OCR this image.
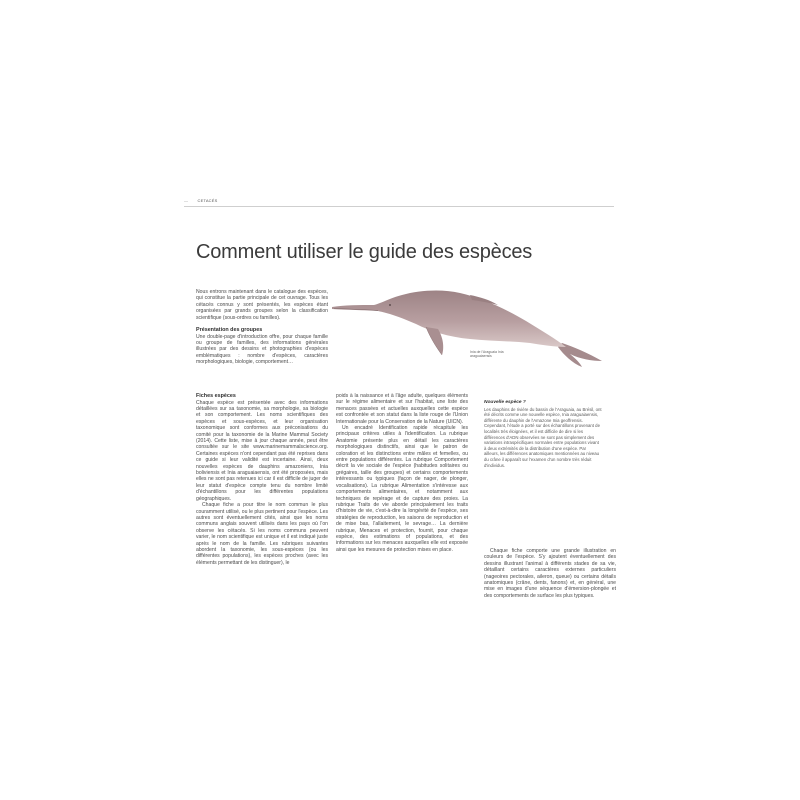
— CETACÉS
Comment utiliser le guide des espèces

Nous entrons maintenant dans le catalogue des espèces, qui constitue la partie principale de cet ouvrage. Tous les cétacés connus y sont présentés, les espèces étant organisées par grands groupes selon la classification scientifique (sous-ordres ou familles).

Présentation des groupes

Une double-page d'introduction offre, pour chaque famille ou groupe de familles, des informations générales illustrées par des dessins et photographies d'espèces emblématiques : nombre d'espèces, caractères morphologiques, biologie, comportement…

Fiches espèces

Chaque espèce est présentée avec des informations détaillées sur sa taxonomie, sa morphologie, sa biologie et son comportement. Les noms scientifiques des espèces et sous-espèces, et leur organisation taxonomique sont conformes aux préconisations du comité pour la taxonomie de la Marine Mammal Society (2014). Cette liste, mise à jour chaque année, peut être consultée sur le site www.marinemammalscience.org. Certaines espèces n'ont cependant pas été reprises dans ce guide si leur validité est incertaine. Ainsi, deux nouvelles espèces de dauphins amazoniens, Inia boliviensis et Inia araguaiaensis, ont été proposées, mais elles ne sont pas retenues ici car il est difficile de juger de leur statut d'espèce compte tenu du nombre limité d'échantillons pour les différentes populations géographiques.

Chaque fiche a pour titre le nom commun le plus couramment utilisé, ou le plus pertinent pour l'espèce. Les autres sont éventuellement cités, ainsi que les noms communs anglais souvent utilisés dans les pays où l'on observe les cétacés. Si les noms communs peuvent varier, le nom scientifique est unique et il est indiqué juste après le nom de la famille. Les rubriques suivantes abordent la taxonomie, les sous-espèces (ou les différentes populations), les espèces proches (avec les éléments permettant de les distinguer), le

poids à la naissance et à l'âge adulte, quelques éléments sur le régime alimentaire et sur l'habitat, une liste des menaces passées et actuelles auxquelles cette espèce est confrontée et son statut dans la liste rouge de l'Union Internationale pour la Conservation de la Nature (UICN).

Un encadré Identification rapide récapitule les principaux critères utiles à l'identification. La rubrique Anatomie présente plus en détail les caractères morphologiques distinctifs, ainsi que le patron de coloration et les distinctions entre mâles et femelles, ou entre populations différentes. La rubrique Comportement décrit la vie sociale de l'espèce (habitudes solitaires ou grégaires, taille des groupes) et certains comportements intéressants ou typiques (façon de nager, de plonger, vocalisations). La rubrique Alimentation s'intéresse aux comportements alimentaires, et notamment aux techniques de repérage et de capture des proies. La rubrique Traits de vie aborde principalement les traits d'histoire de vie, c'est-à-dire la longévité de l'espèce, ses stratégies de reproduction, les saisons de reproduction et de mise bas, l'allaitement, le sevrage… La dernière rubrique, Menaces et protection, fournit, pour chaque espèce, des estimations of populations, et des informations sur les menaces auxquelles elle est exposée ainsi que les mesures de protection mises en place.

Nouvelle espèce ?

Les dauphins de rivière du bassin de l'Araguaia, au Brésil, ont été décrits comme une nouvelle espèce, Inia araguaiaensis, différente du dauphin de l'Amazone Inia geoffrensis. Cependant, l'étude a porté sur des échantillons provenant de localités très éloignées, et il est difficile de dire si les différences d'ADN observées ne sont pas simplement des variations intraspécifiques normales entre populations vivant à deux extrémités de la distribution d'une espèce. Par ailleurs, les différences anatomiques mentionnées au niveau du crâne il apparaît sur l'examen d'un nombre très réduit d'individus.

Chaque fiche comporte une grande illustration en couleurs de l'espèce. S'y ajoutent éventuellement des dessins illustrant l'animal à différents stades de sa vie, détaillant certains caractères externes particuliers (nageoires pectorales, aileron, queue) ou certains détails anatomiques (crâne, dents, fanons) et, en général, une mise en images d'une séquence d'émersion-plongée et des comportements de surface les plus typiques.

Inia de l'Araguaia Inia araguaiaensis
